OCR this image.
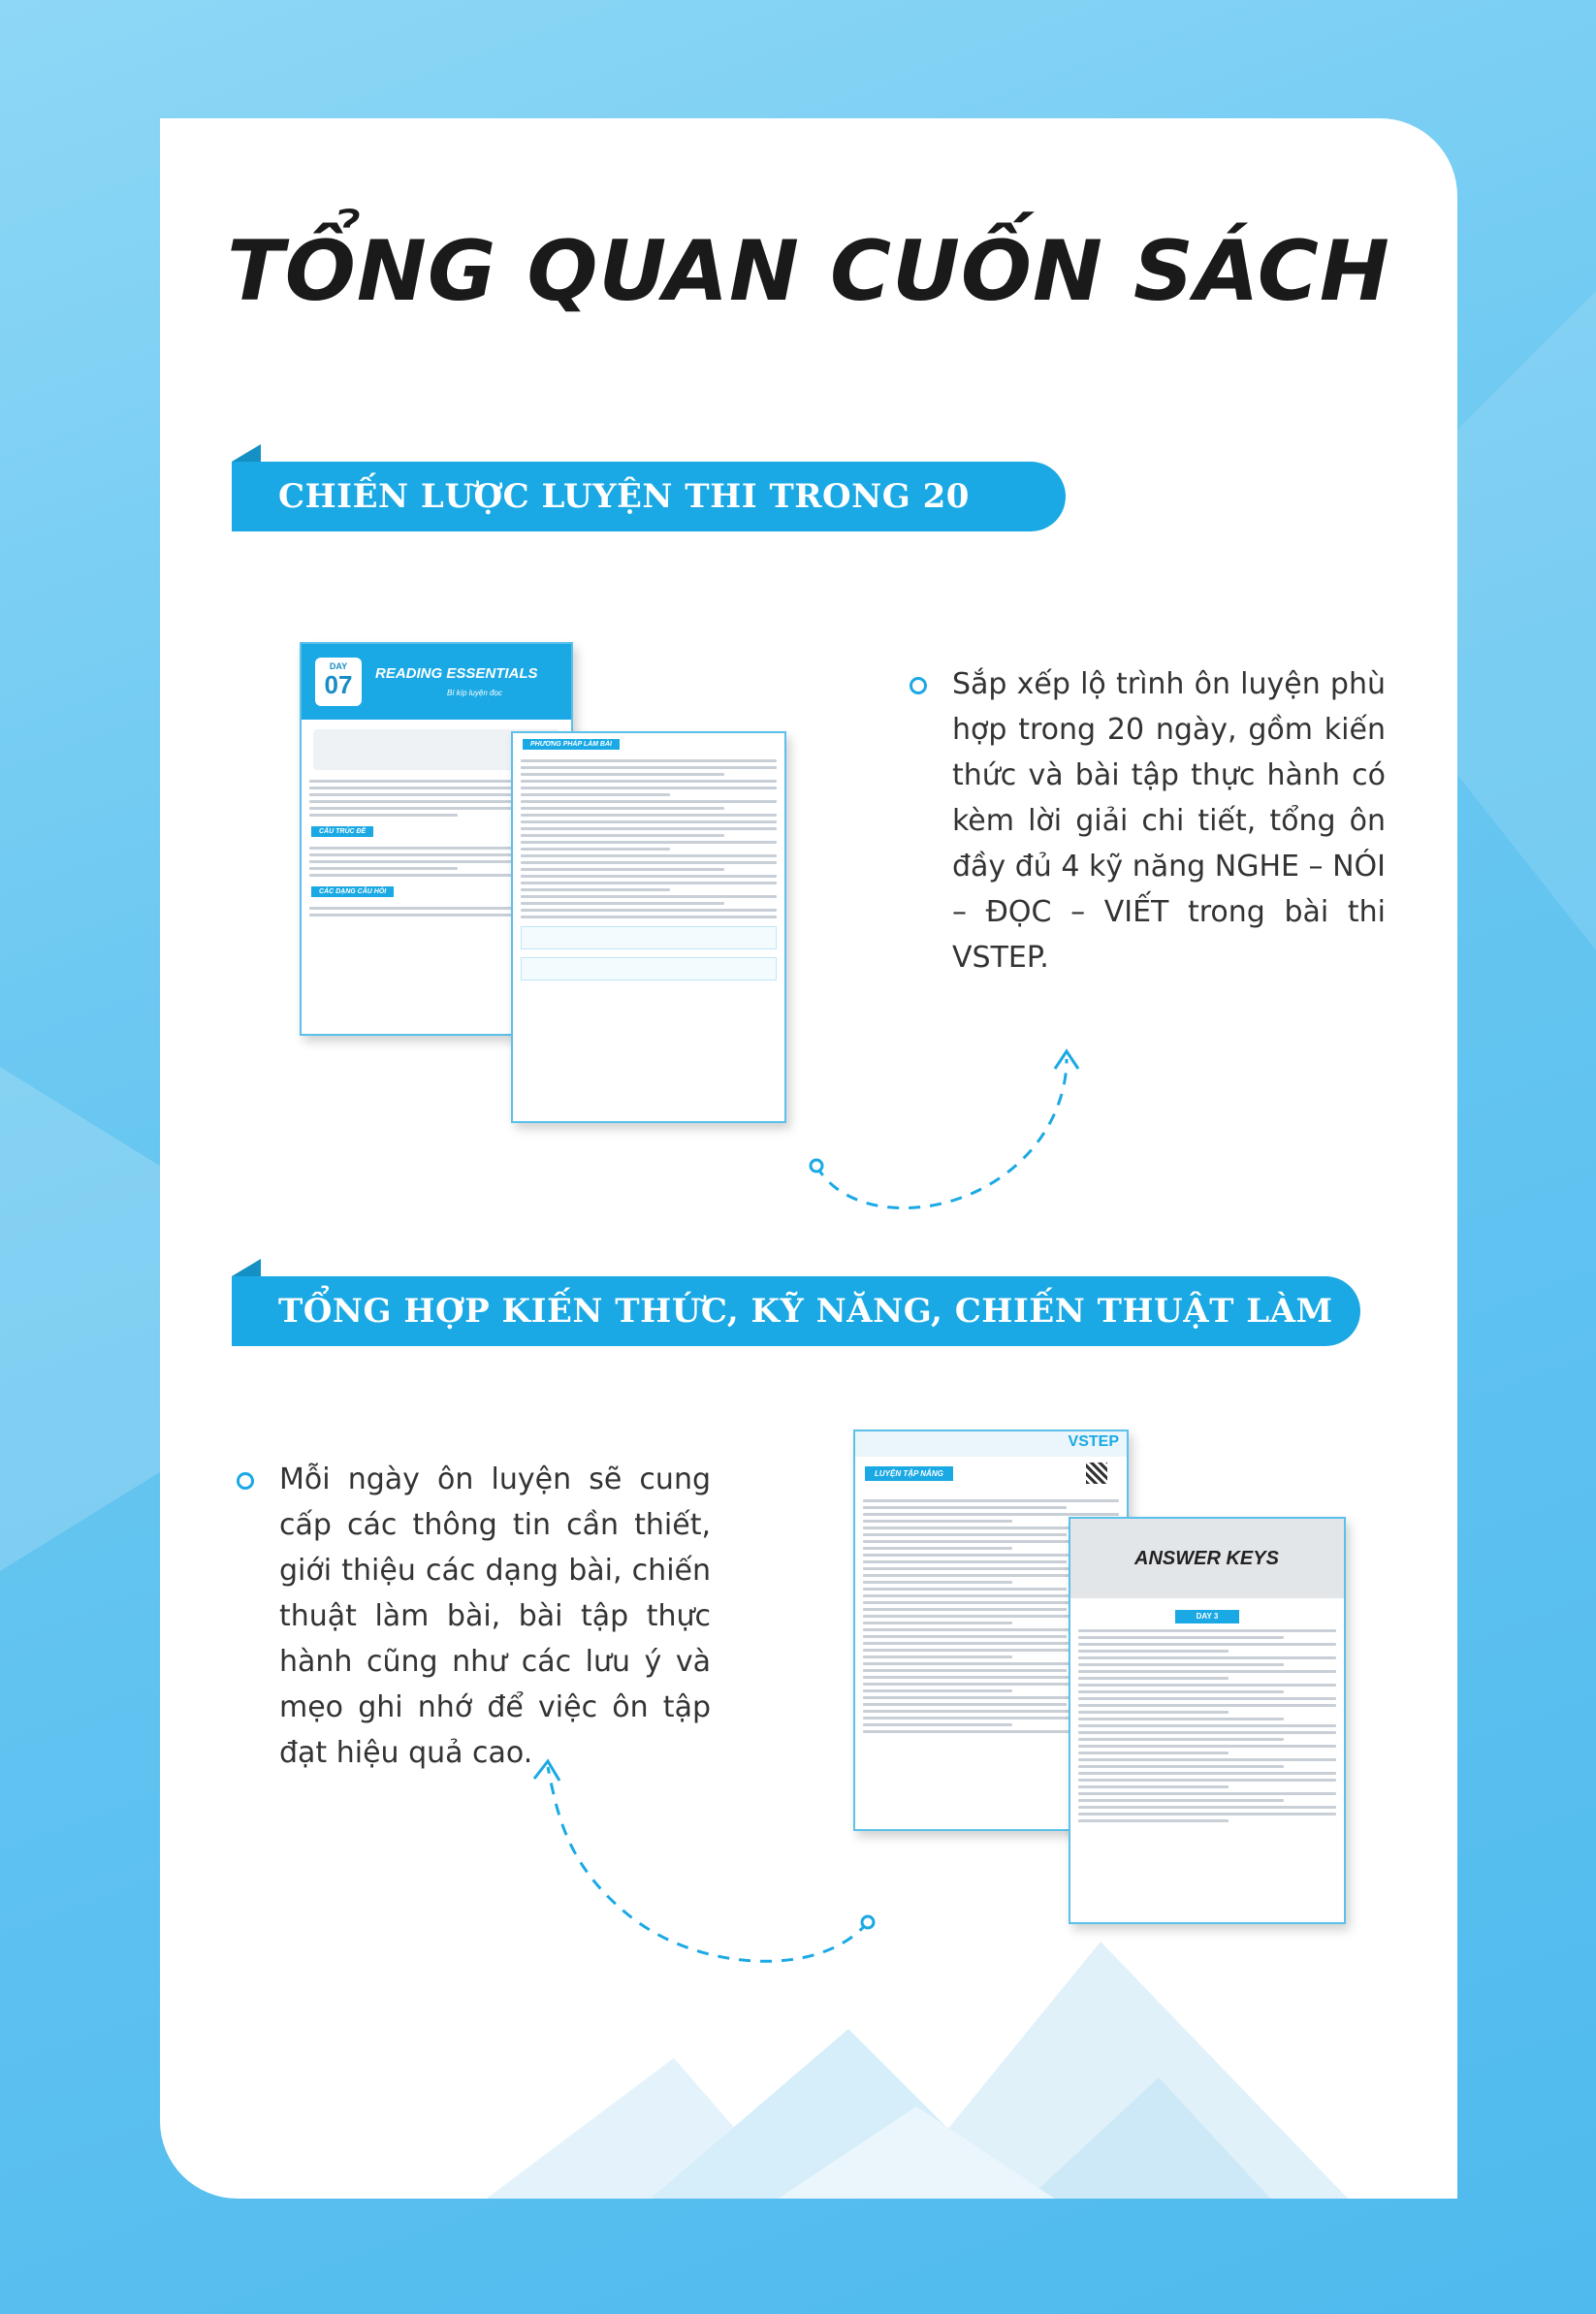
TỔNG QUAN CUỐN SÁCH
CHIẾN LƯỢC LUYỆN THI TRONG 20 NGÀY
DAY
07	READING ESSENTIALS
Bí kíp luyện đọc
CẤU TRÚC ĐỀ
CÁC DẠNG CÂU HỎI
PHƯƠNG PHÁP LÀM BÀI
Sắp xếp lộ trình ôn luyện phù hợp trong 20 ngày, gồm kiến thức và bài tập thực hành có kèm lời giải chi tiết, tổng ôn đầy đủ 4 kỹ năng NGHE – NÓI – ĐỌC – VIẾT trong bài thi VSTEP.
TỔNG HỢP KIẾN THỨC, KỸ NĂNG, CHIẾN THUẬT LÀM BÀI
Mỗi ngày ôn luyện sẽ cung cấp các thông tin cần thiết, giới thiệu các dạng bài, chiến thuật làm bài, bài tập thực hành cũng như các lưu ý và mẹo ghi nhớ để việc ôn tập đạt hiệu quả cao.
VSTEP
LUYỆN TẬP NÂNG
ANSWER KEYS
DAY 3
